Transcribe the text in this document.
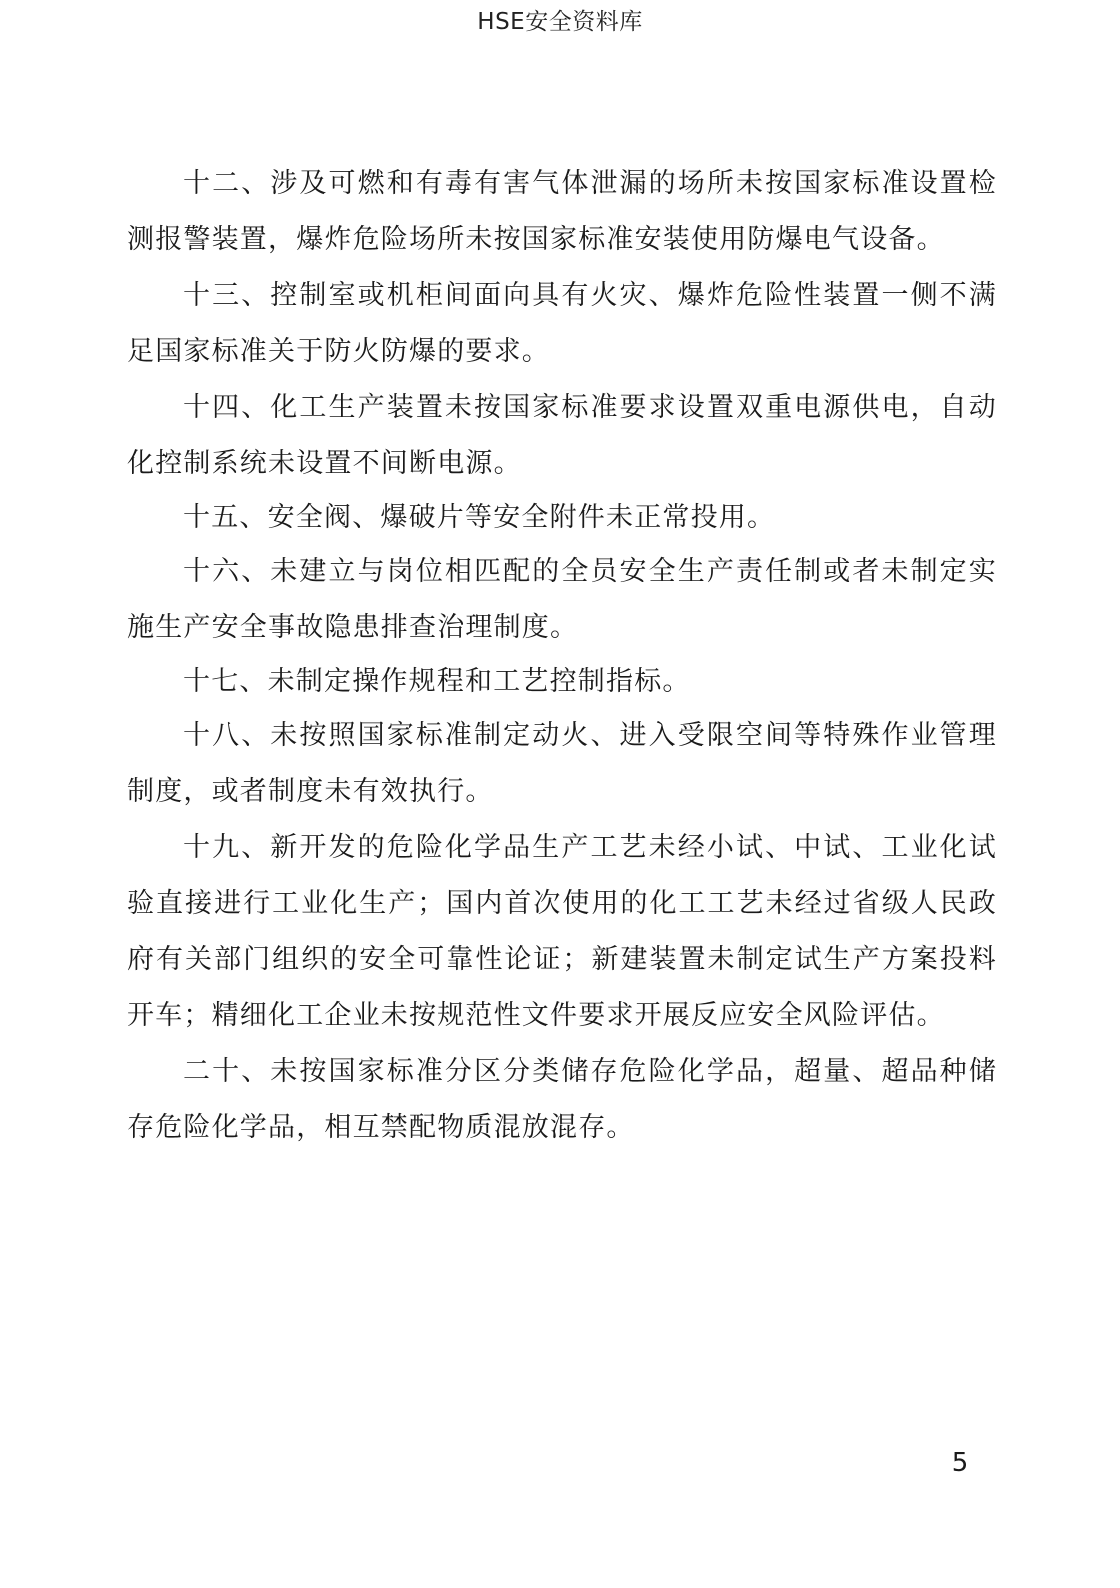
HSE安全资料库

十二、涉及可燃和有毒有害气体泄漏的场所未按国家标准设置检测报警装置，爆炸危险场所未按国家标准安装使用防爆电气设备。

十三、控制室或机柜间面向具有火灾、爆炸危险性装置一侧不满足国家标准关于防火防爆的要求。

十四、化工生产装置未按国家标准要求设置双重电源供电，自动化控制系统未设置不间断电源。

十五、安全阀、爆破片等安全附件未正常投用。

十六、未建立与岗位相匹配的全员安全生产责任制或者未制定实施生产安全事故隐患排查治理制度。

十七、未制定操作规程和工艺控制指标。

十八、未按照国家标准制定动火、进入受限空间等特殊作业管理制度，或者制度未有效执行。

十九、新开发的危险化学品生产工艺未经小试、中试、工业化试验直接进行工业化生产；国内首次使用的化工工艺未经过省级人民政府有关部门组织的安全可靠性论证；新建装置未制定试生产方案投料开车；精细化工企业未按规范性文件要求开展反应安全风险评估。

二十、未按国家标准分区分类储存危险化学品，超量、超品种储存危险化学品，相互禁配物质混放混存。

5
